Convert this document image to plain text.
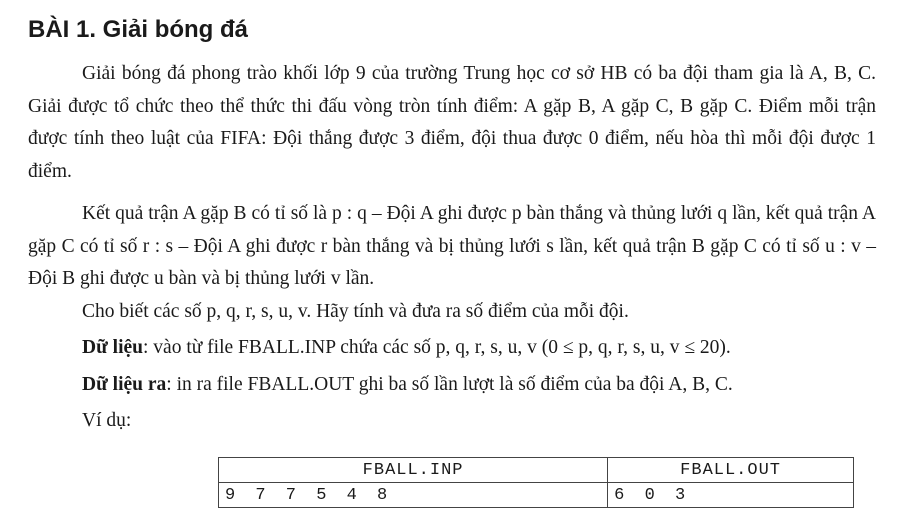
BÀI 1. Giải bóng đá

Giải bóng đá phong trào khối lớp 9 của trường Trung học cơ sở HB có ba đội tham gia là A, B, C. Giải được tổ chức theo thể thức thi đấu vòng tròn tính điểm: A gặp B, A gặp C, B gặp C. Điểm mỗi trận được tính theo luật của FIFA: Đội thắng được 3 điểm, đội thua được 0 điểm, nếu hòa thì mỗi đội được 1 điểm.

Kết quả trận A gặp B có tỉ số là p : q – Đội A ghi được p bàn thắng và thủng lưới q lần, kết quả trận A gặp C có tỉ số r : s – Đội A ghi được r bàn thắng và bị thủng lưới s lần, kết quả trận B gặp C có tỉ số u : v – Đội B ghi được u bàn và bị thủng lưới v lần.

Cho biết các số p, q, r, s, u, v. Hãy tính và đưa ra số điểm của mỗi đội.

Dữ liệu: vào từ file FBALL.INP chứa các số p, q, r, s, u, v (0 ≤ p, q, r, s, u, v ≤ 20).

Dữ liệu ra: in ra file FBALL.OUT ghi ba số lần lượt là số điểm của ba đội A, B, C.

Ví dụ:

FBALL.INP	FBALL.OUT
9 7 7 5 4 8	6 0 3
